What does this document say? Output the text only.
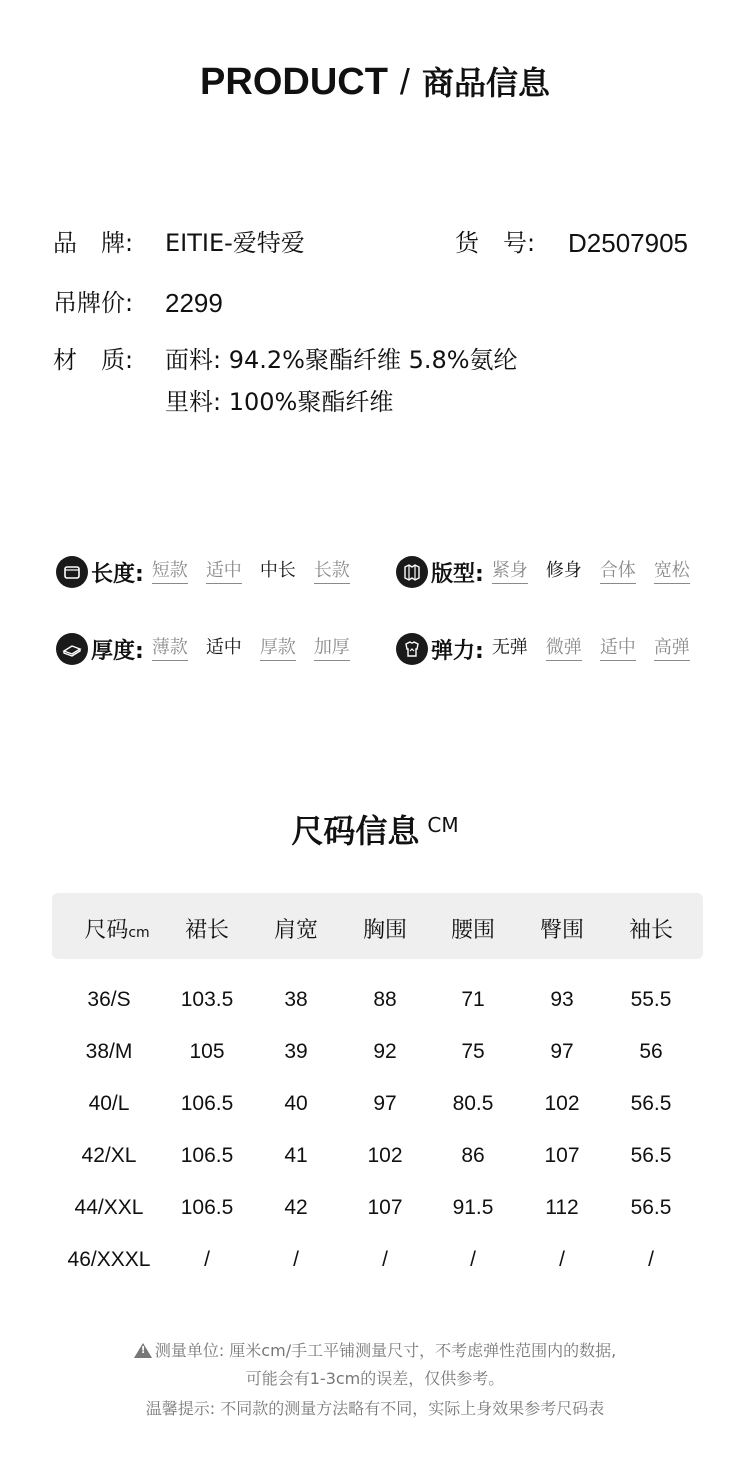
PRODUCT / 商品信息
品　牌: EITIE-爱特爱	货　号: D2507905
吊牌价: 2299
材　质: 面料: 94.2%聚酯纤维 5.8%氨纶
里料: 100%聚酯纤维
长度: 短款 适中 中长 长款	版型: 紧身 修身 合体 宽松
厚度: 薄款 适中 厚款 加厚	弹力: 无弹 微弹 适中 高弹
尺码信息 CM
尺码cm	裙长	肩宽	胸围	腰围	臀围	袖长
36/S	103.5	38	88	71	93	55.5
38/M	105	39	92	75	97	56
40/L	106.5	40	97	80.5	102	56.5
42/XL	106.5	41	102	86	107	56.5
44/XXL	106.5	42	107	91.5	112	56.5
46/XXXL	/	/	/	/	/	/
!测量单位: 厘米cm/手工平铺测量尺寸，不考虑弹性范围内的数据,
可能会有1-3cm的误差，仅供参考。
温馨提示: 不同款的测量方法略有不同，实际上身效果参考尺码表
